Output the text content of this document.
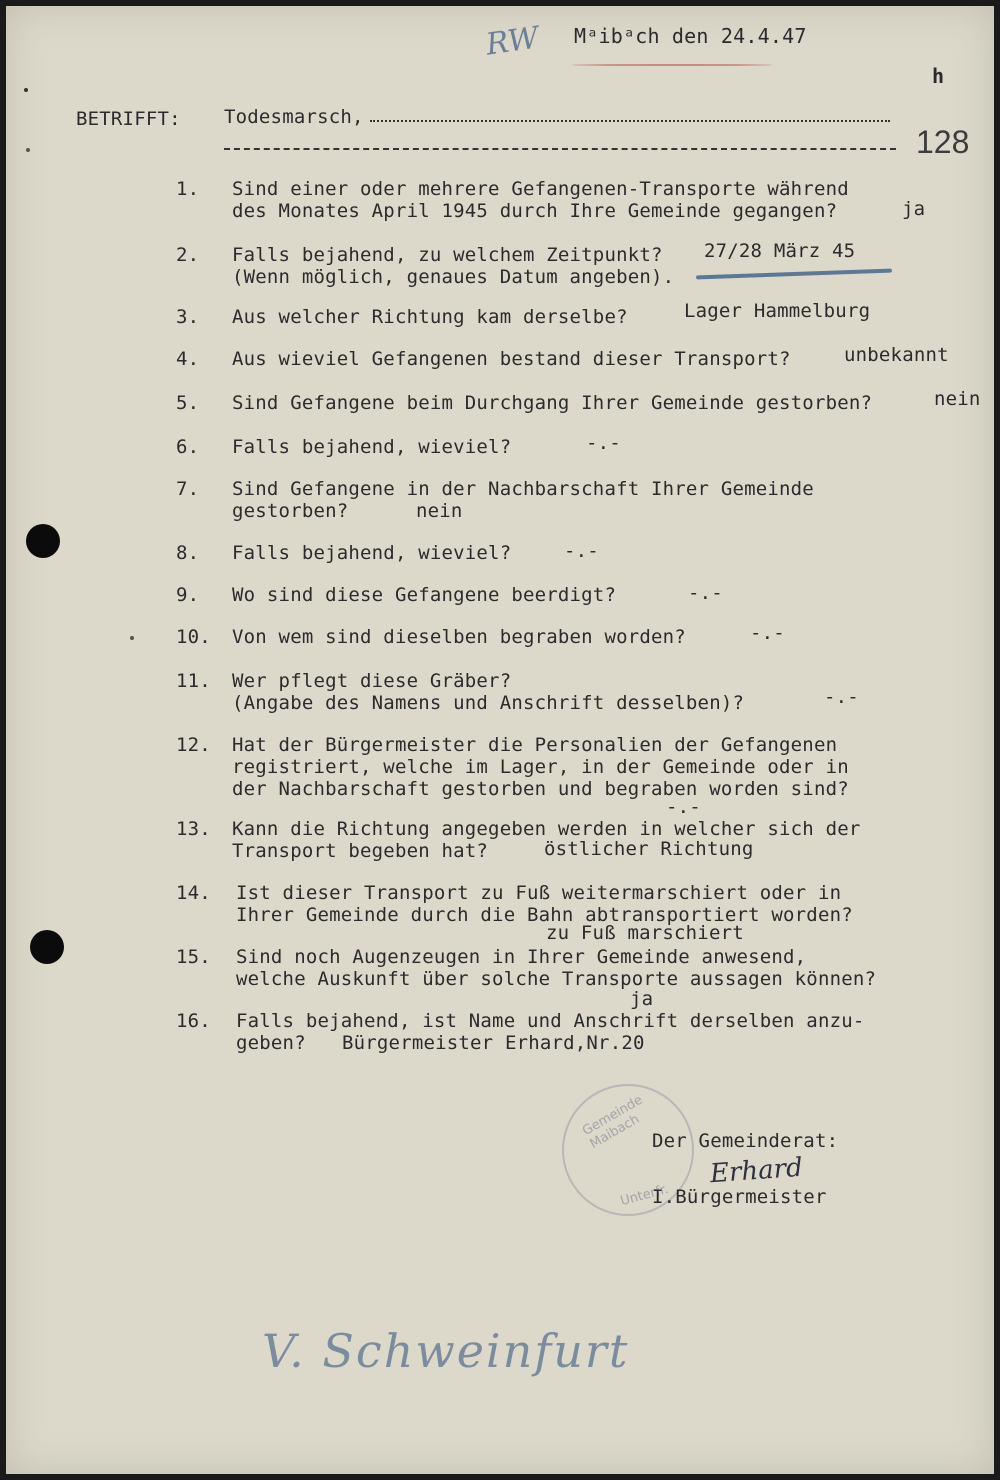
RW Mᵃibᵃch den 24.4.47
h
BETRIFFT: Todesmarsch,
128
1. Sind einer oder mehrere Gefangenen-Transporte während
des Monates April 1945 durch Ihre Gemeinde gegangen?	ja
2. Falls bejahend, zu welchem Zeitpunkt?
(Wenn möglich, genaues Datum angeben).
27/28 März 45
3. Aus welcher Richtung kam derselbe?	Lager Hammelburg
4. Aus wieviel Gefangenen bestand dieser Transport?	unbekannt
5. Sind Gefangene beim Durchgang Ihrer Gemeinde gestorben?	nein
6. Falls bejahend, wieviel?	-.-
7. Sind Gefangene in der Nachbarschaft Ihrer Gemeinde
gestorben?	nein
8. Falls bejahend, wieviel?	-.-
9. Wo sind diese Gefangene beerdigt?	-.-
10. Von wem sind dieselben begraben worden?	-.-
11. Wer pflegt diese Gräber?
(Angabe des Namens und Anschrift desselben)?	-.-
12. Hat der Bürgermeister die Personalien der Gefangenen
registriert, welche im Lager, in der Gemeinde oder in
der Nachbarschaft gestorben und begraben worden sind?
-.-
13. Kann die Richtung angegeben werden in welcher sich der
Transport begeben hat?	östlicher Richtung
14. Ist dieser Transport zu Fuß weitermarschiert oder in
Ihrer Gemeinde durch die Bahn abtransportiert worden?
zu Fuß marschiert
15. Sind noch Augenzeugen in Ihrer Gemeinde anwesend,
welche Auskunft über solche Transporte aussagen können?
ja
16. Falls bejahend, ist Name und Anschrift derselben anzu-
geben? Bürgermeister Erhard,Nr.20
Gemeinde Maibach
Unterfr.
Der Gemeinderat:
Erhard
I.Bürgermeister
V. Schweinfurt
